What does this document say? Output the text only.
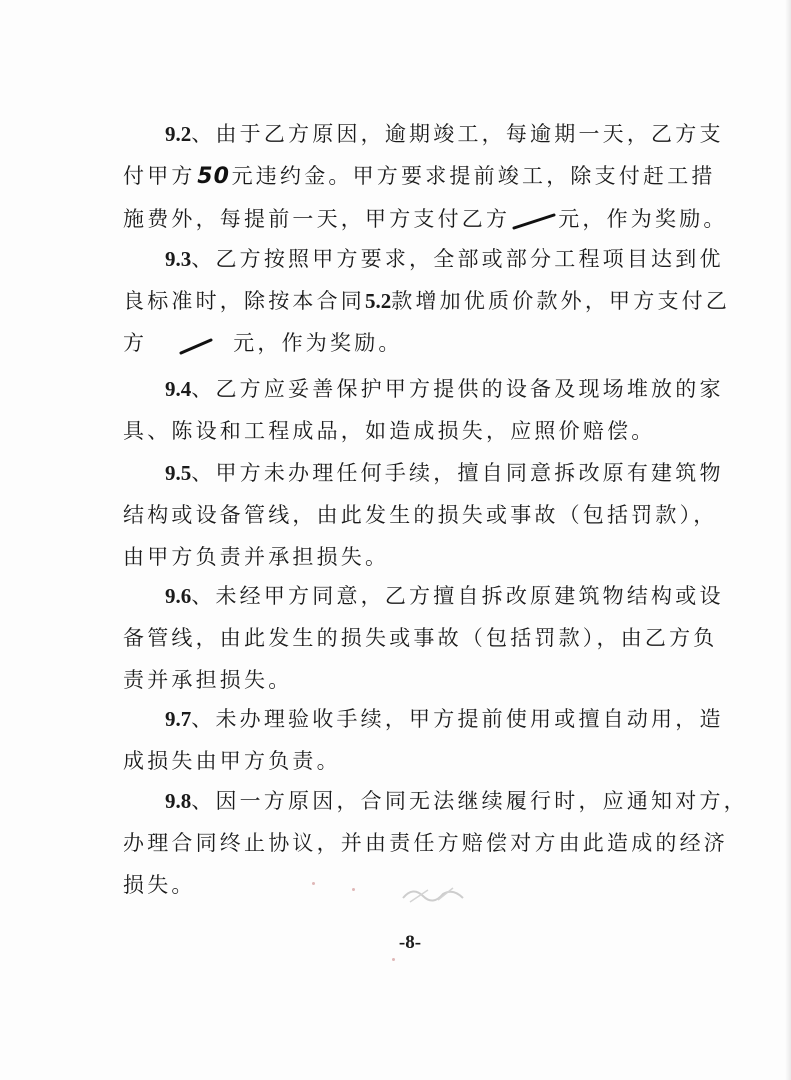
9.2、由于乙方原因，逾期竣工，每逾期一天，乙方支
付甲方50元违约金。甲方要求提前竣工，除支付赶工措
施费外，每提前一天，甲方支付乙方 元，作为奖励。
9.3、乙方按照甲方要求，全部或部分工程项目达到优
良标准时，除按本合同5.2款增加优质价款外，甲方支付乙
方	元，作为奖励。
9.4、乙方应妥善保护甲方提供的设备及现场堆放的家
具、陈设和工程成品，如造成损失，应照价赔偿。
9.5、甲方未办理任何手续，擅自同意拆改原有建筑物
结构或设备管线，由此发生的损失或事故（包括罚款），
由甲方负责并承担损失。
9.6、未经甲方同意，乙方擅自拆改原建筑物结构或设
备管线，由此发生的损失或事故（包括罚款），由乙方负
责并承担损失。
9.7、未办理验收手续，甲方提前使用或擅自动用，造
成损失由甲方负责。
9.8、因一方原因，合同无法继续履行时，应通知对方，
办理合同终止协议，并由责任方赔偿对方由此造成的经济
损失。
-8-
